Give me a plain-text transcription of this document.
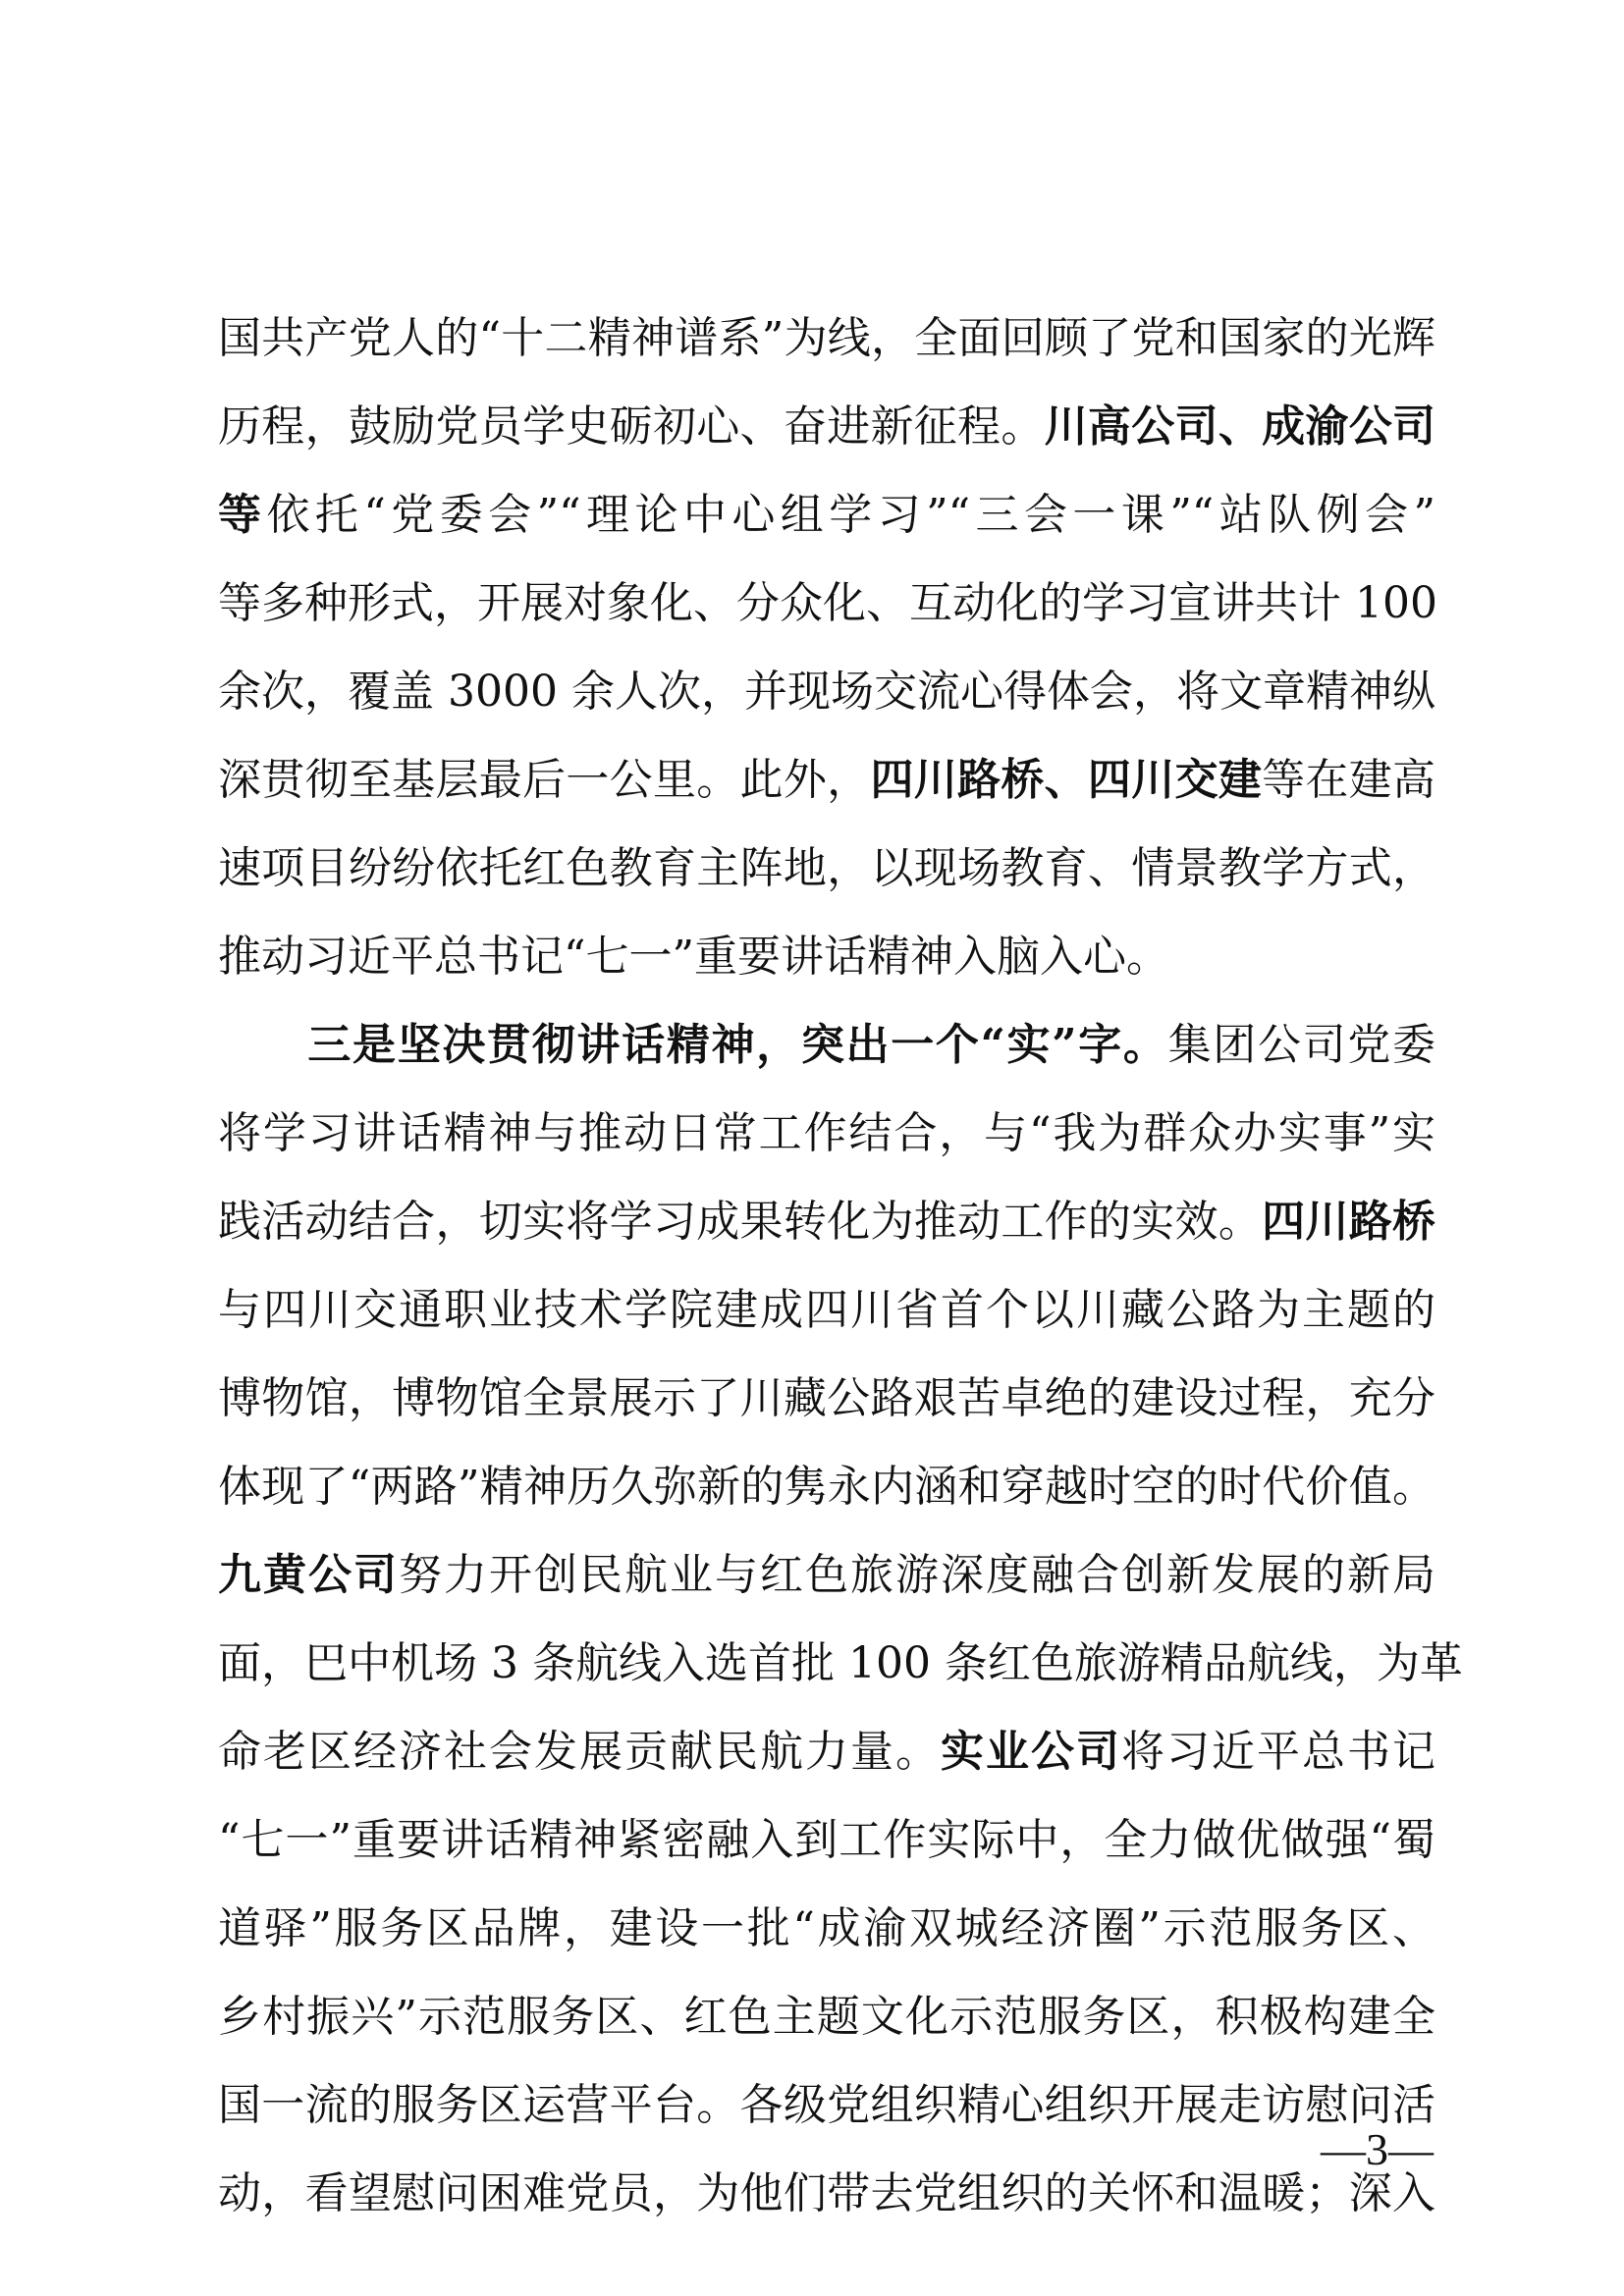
国共产党人的“十二精神谱系”为线，全面回顾了党和国家的光辉
历程，鼓励党员学史砺初心、奋进新征程。川高公司、成渝公司
等依托“党委会”“理论中心组学习”“三会一课”“站队例会”
等多种形式，开展对象化、分众化、互动化的学习宣讲共计 100
余次，覆盖 3000 余人次，并现场交流心得体会，将文章精神纵
深贯彻至基层最后一公里。此外，四川路桥、四川交建等在建高
速项目纷纷依托红色教育主阵地，以现场教育、情景教学方式，
推动习近平总书记“七一”重要讲话精神入脑入心。
　　三是坚决贯彻讲话精神，突出一个“实”字。集团公司党委
将学习讲话精神与推动日常工作结合，与“我为群众办实事”实
践活动结合，切实将学习成果转化为推动工作的实效。四川路桥
与四川交通职业技术学院建成四川省首个以川藏公路为主题的
博物馆，博物馆全景展示了川藏公路艰苦卓绝的建设过程，充分
体现了“两路”精神历久弥新的隽永内涵和穿越时空的时代价值。
九黄公司努力开创民航业与红色旅游深度融合创新发展的新局
面，巴中机场 3 条航线入选首批 100 条红色旅游精品航线，为革
命老区经济社会发展贡献民航力量。实业公司将习近平总书记
“七一”重要讲话精神紧密融入到工作实际中，全力做优做强“蜀
道驿”服务区品牌，建设一批“成渝双城经济圈”示范服务区、
乡村振兴”示范服务区、红色主题文化示范服务区，积极构建全
国一流的服务区运营平台。各级党组织精心组织开展走访慰问活
动，看望慰问困难党员，为他们带去党组织的关怀和温暖；深入
—3—
